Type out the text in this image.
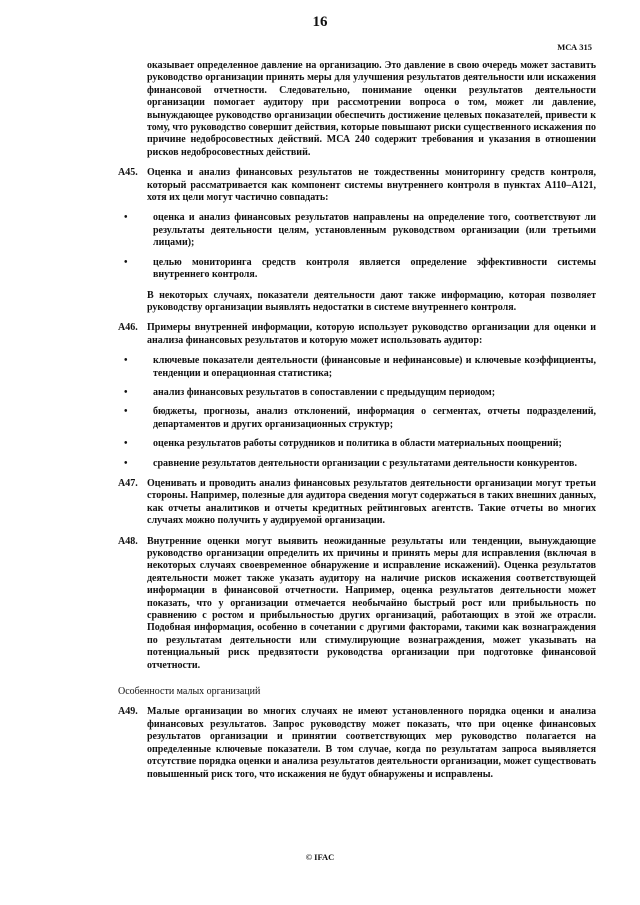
16
МСА 315

оказывает определенное давление на организацию. Это давление в свою очередь может заставить руководство организации принять меры для улучшения результатов деятельности или искажения финансовой отчетности. Следовательно, понимание оценки результатов деятельности организации помогает аудитору при рассмотрении вопроса о том, может ли давление, вынуждающее руководство организации обеспечить достижение целевых показателей, привести к тому, что руководство совершит действия, которые повышают риски существенного искажения по причине недобросовестных действий. МСА 240 содержит требования и указания в отношении рисков недобросовестных действий.

A45. Оценка и анализ финансовых результатов не тождественны мониторингу средств контроля, который рассматривается как компонент системы внутреннего контроля в пунктах A110–A121, хотя их цели могут частично совпадать:

•	оценка и анализ финансовых результатов направлены на определение того, соответствуют ли результаты деятельности целям, установленным руководством организации (или третьими лицами);
•	целью мониторинга средств контроля является определение эффективности системы внутреннего контроля.

В некоторых случаях, показатели деятельности дают также информацию, которая позволяет руководству организации выявлять недостатки в системе внутреннего контроля.

A46. Примеры внутренней информации, которую использует руководство организации для оценки и анализа финансовых результатов и которую может использовать аудитор:

•	ключевые показатели деятельности (финансовые и нефинансовые) и ключевые коэффициенты, тенденции и операционная статистика;
•	анализ финансовых результатов в сопоставлении с предыдущим периодом;
•	бюджеты, прогнозы, анализ отклонений, информация о сегментах, отчеты подразделений, департаментов и других организационных структур;
•	оценка результатов работы сотрудников и политика в области материальных поощрений;
•	сравнение результатов деятельности организации с результатами деятельности конкурентов.

A47. Оценивать и проводить анализ финансовых результатов деятельности организации могут третьи стороны. Например, полезные для аудитора сведения могут содержаться в таких внешних данных, как отчеты аналитиков и отчеты кредитных рейтинговых агентств. Такие отчеты во многих случаях можно получить у аудируемой организации.

A48. Внутренние оценки могут выявить неожиданные результаты или тенденции, вынуждающие руководство организации определить их причины и принять меры для исправления (включая в некоторых случаях своевременное обнаружение и исправление искажений). Оценка результатов деятельности может также указать аудитору на наличие рисков искажения соответствующей информации в финансовой отчетности. Например, оценка результатов деятельности может показать, что у организации отмечается необычайно быстрый рост или прибыльность по сравнению с ростом и прибыльностью других организаций, работающих в этой же отрасли. Подобная информация, особенно в сочетании с другими факторами, такими как вознаграждения по результатам деятельности или стимулирующие вознаграждения, может указывать на потенциальный риск предвзятости руководства организации при подготовке финансовой отчетности.

Особенности малых организаций

A49. Малые организации во многих случаях не имеют установленного порядка оценки и анализа финансовых результатов. Запрос руководству может показать, что при оценке финансовых результатов организации и принятии соответствующих мер руководство полагается на определенные ключевые показатели. В том случае, когда по результатам запроса выявляется отсутствие порядка оценки и анализа результатов деятельности организации, может существовать повышенный риск того, что искажения не будут обнаружены и исправлены.

© IFAC
